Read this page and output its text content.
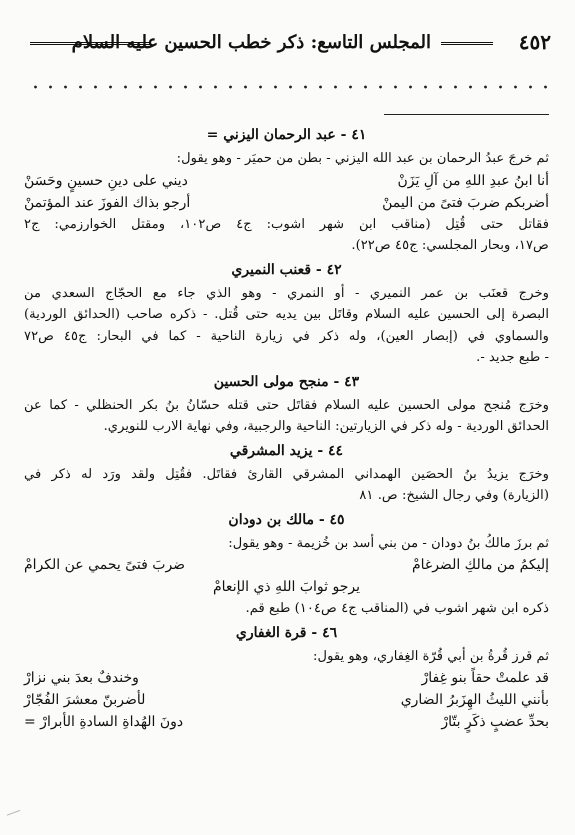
٤٥٢
المجلس التاسع: ذكر خطب الحسين عليه السلام
٤١ - عبد الرحمان اليزني =
ثم خرجَ عبدُ الرحمان بن عبد الله اليزني - بطن من حميَر - وهو يقول:
أنا ابنُ عبدِ اللهِ من آلِ يَزَنْ
ديني على دينِ حسينٍ وحَسَنْ
أضربكم ضربَ فتىً من اليمنْ
أرجو بذاك الفوزَ عند المؤتمنْ
فقاتل حتى قُتِل (مناقب ابن شهر اشوب: ج٤ ص١٠٢، ومقتل الخوارزمي: ج٢
ص١٧، وبحار المجلسي: ج٤٥ ص٢٢).
٤٢ - قعنب النميري
وخرج قعنَب بن عمر النميري - أو النمري - وهو الذي جاء مع الحجّاج السعدي من
البصرة إلى الحسين عليه السلام وقاتَل بين يديه حتى قُتل. - ذكره صاحب (الحدائق الوردية)
والسماوي في (إبصار العين)، وله ذكر في زيارة الناحية - كما في البحار: ج٤٥ ص٧٢
- طبع جديد -.
٤٣ - منجح مولى الحسين
وخرَج مُنجح مولى الحسين عليه السلام فقاتَل حتى قتله حسّانُ بنُ بكر الحنظلي - كما عن
الحدائق الوردية - وله ذكر في الزيارتين: الناحية والرجبية، وفي نهاية الارب للنويري.
٤٤ - يزيد المشرقي
وخرَج يزيدُ بنُ الحصَين الهمداني المشرقي القارئ فقاتَل. فقُتِل ولقد ورَد له ذكر في
(الزيارة) وفي رجال الشيخ: ص. ٨١
٤٥ - مالك بن دودان
ثم برزَ مالكُ بنُ دودان - من بني أسد بن خُزيمة - وهو يقول:
إليكمُ من مالكِ الضرغامْ
ضربَ فتىً يحمي عن الكرامْ
يرجو ثوابَ اللهِ ذي الإنعامْ
ذكره ابن شهر اشوب في (المناقب ج٤ ص١٠٤) طبع قم.
٤٦ - قرة الغفاري
ثم قرز قُرةُ بن أبي قُرّة الغِفاري، وهو يقول:
قد علمتْ حقاً بنو غِفارْ
وخندفٌ بعدَ بني نزارْ
بأنني الليثُ الهِزَبرُ الضاري
لأضربنّ معشرَ الفُجّارْ
بحدِّ عضبٍ ذكَرٍ بتّارْ
دونَ الهُداةِ السادةِ الأبرارْ =
